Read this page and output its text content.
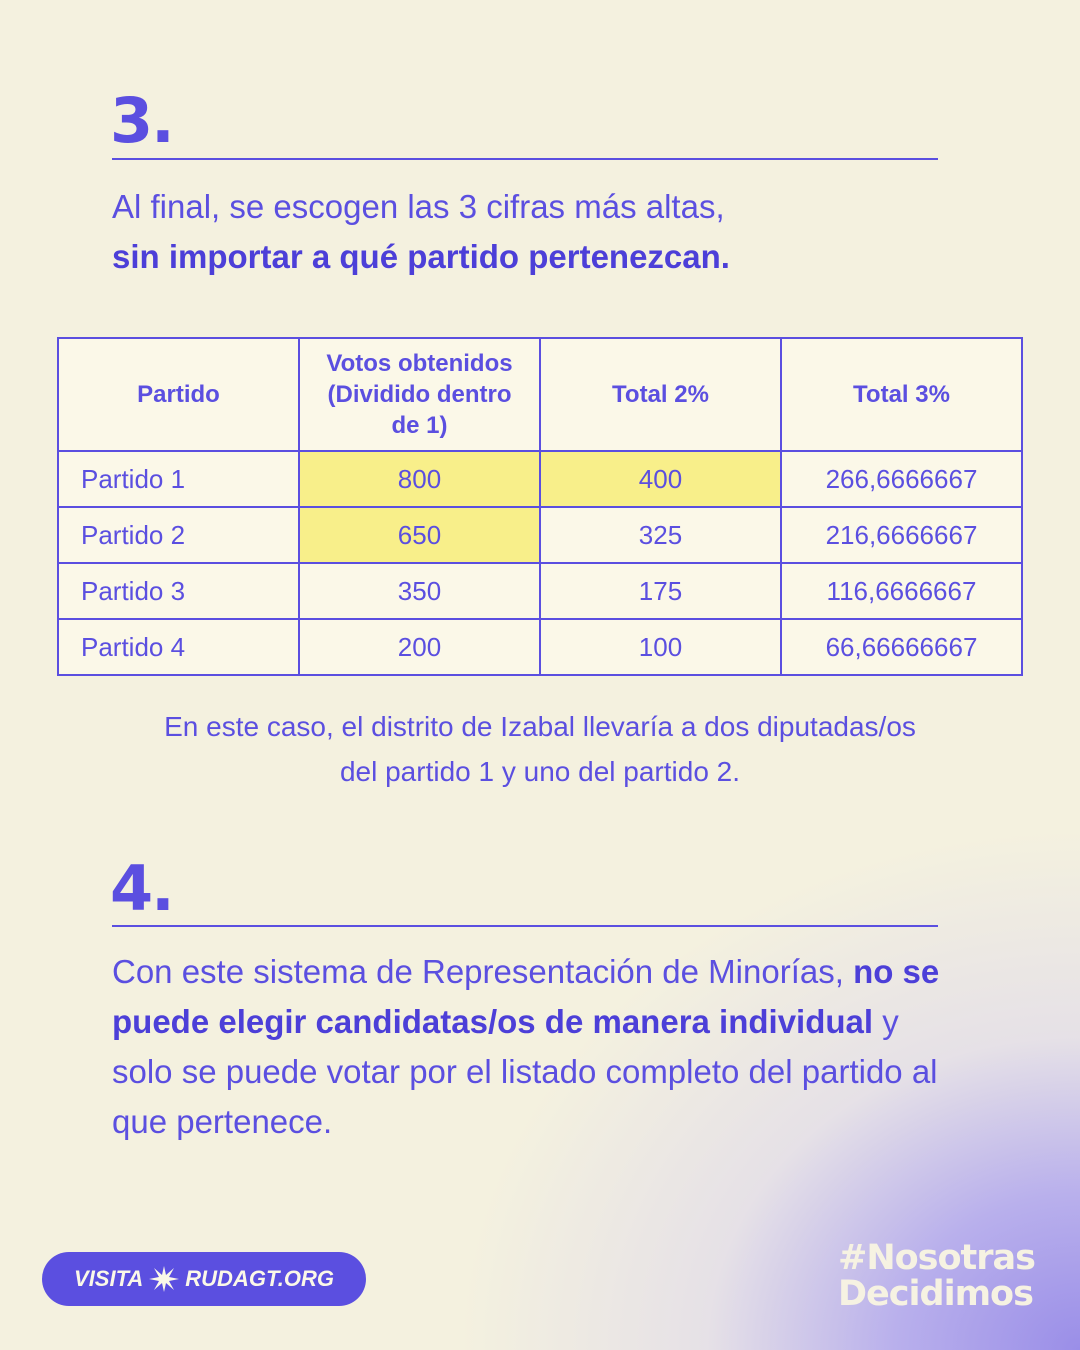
3.
Al final, se escogen las 3 cifras más altas,
sin importar a qué partido pertenezcan.
Partido	Votos obtenidos (Dividido dentro de 1)	Total 2%	Total 3%
Partido 1	800	400	266,6666667
Partido 2	650	325	216,6666667
Partido 3	350	175	116,6666667
Partido 4	200	100	66,66666667
En este caso, el distrito de Izabal llevaría a dos diputadas/os del partido 1 y uno del partido 2.
4.
Con este sistema de Representación de Minorías, no se puede elegir candidatas/os de manera individual y solo se puede votar por el listado completo del partido al que pertenece.
VISITA RUDAGT.ORG
#Nosotras
Decidimos
